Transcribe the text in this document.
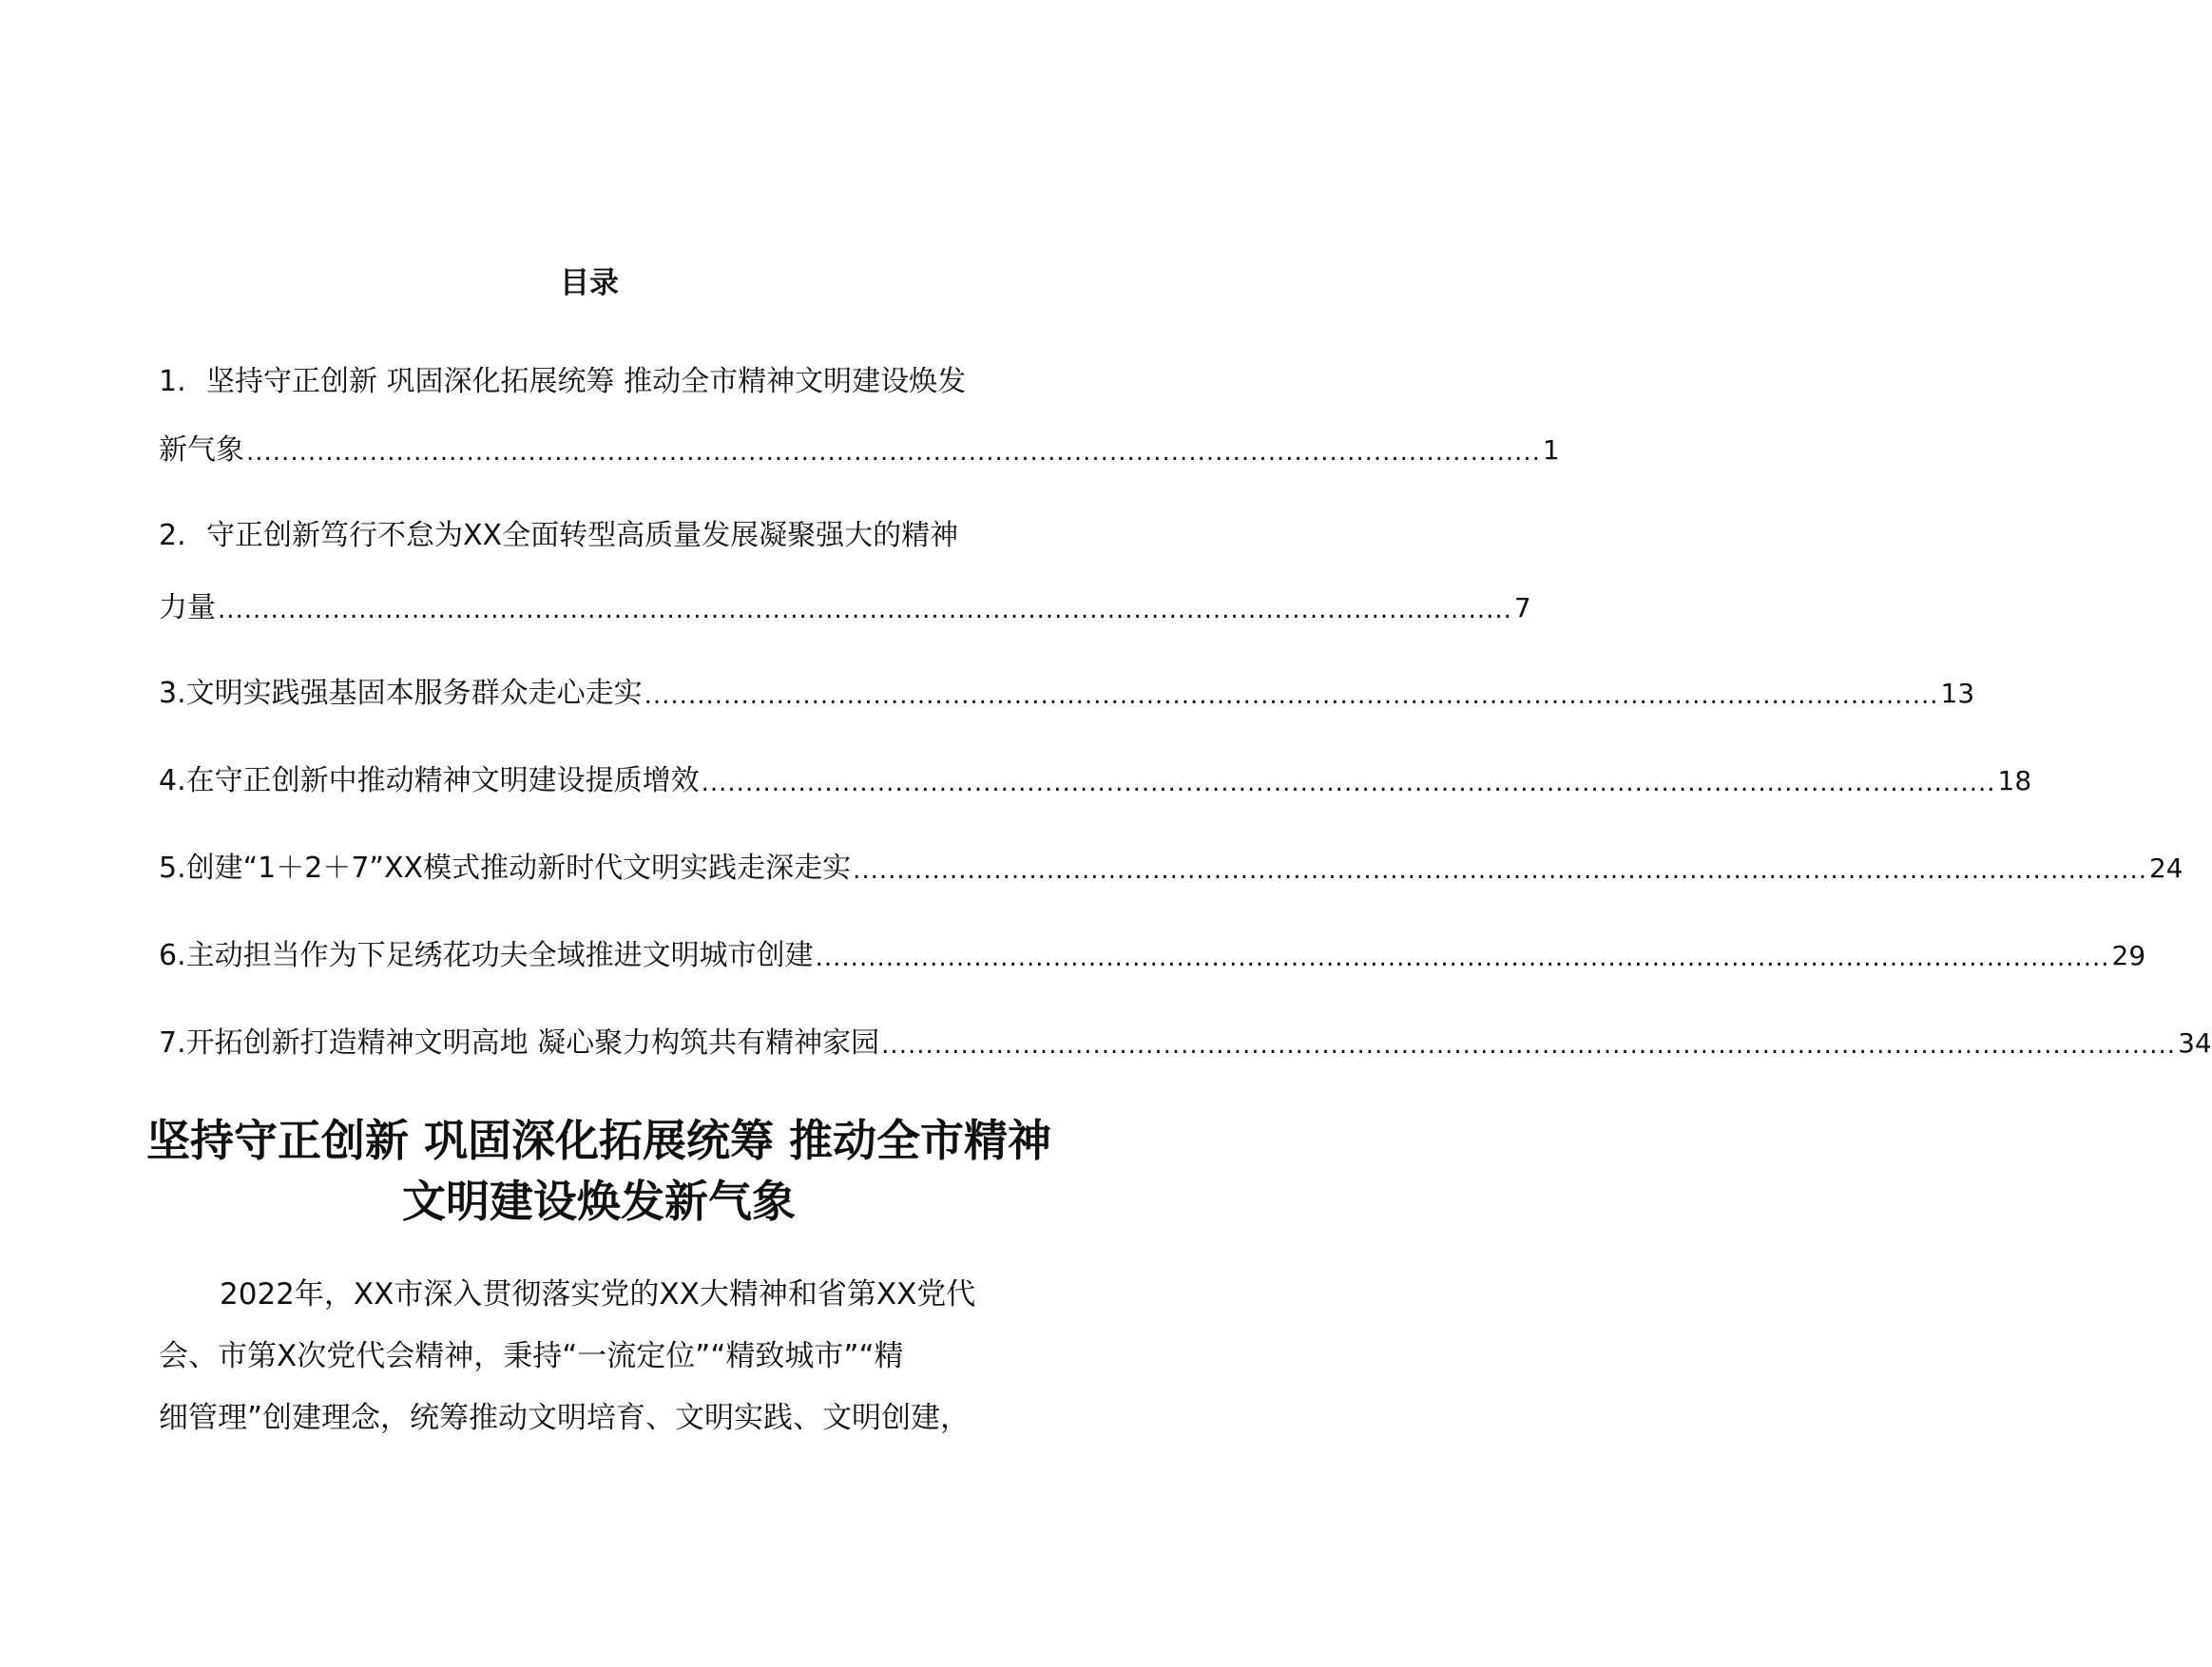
目录
1. 坚持守正创新 巩固深化拓展统筹 推动全市精神文明建设焕发
新气象 ................................................................................................................................................... 1
2. 守正创新笃行不怠为XX全面转型高质量发展凝聚强大的精神
力量 ................................................................................................................................................... 7
3. 文明实践强基固本服务群众走心走实 ................................................................................................................................................... 13
4. 在守正创新中推动精神文明建设提质增效 ................................................................................................................................................... 18
5. 创建“1＋2＋7”XX模式推动新时代文明实践走深走实 ................................................................................................................................................... 24
6. 主动担当作为下足绣花功夫全域推进文明城市创建 ................................................................................................................................................... 29
7. 开拓创新打造精神文明高地 凝心聚力构筑共有精神家园 ................................................................................................................................................... 34
坚持守正创新 巩固深化拓展统筹 推动全市精神
文明建设焕发新气象
2022年，XX市深入贯彻落实党的XX大精神和省第XX党代
会、市第X次党代会精神，秉持“一流定位”“精致城市”“精
细管理”创建理念，统筹推动文明培育、文明实践、文明创建，
